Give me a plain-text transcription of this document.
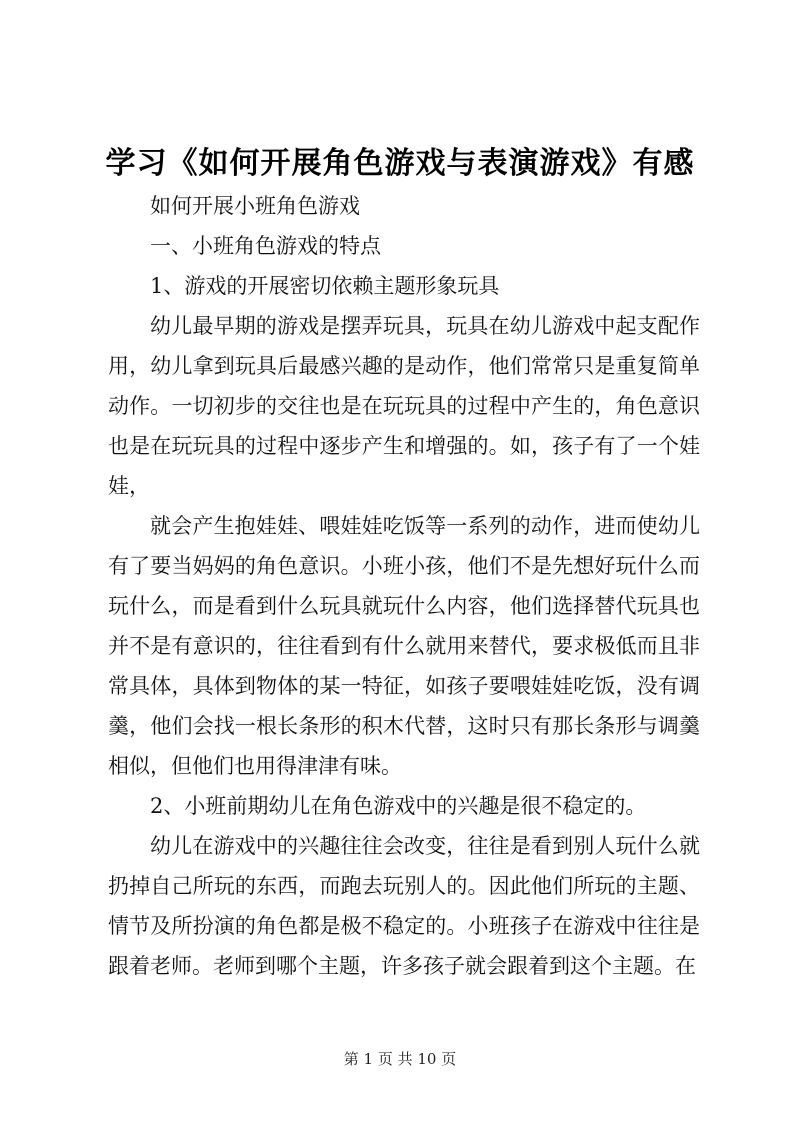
学习《如何开展角色游戏与表演游戏》有感

如何开展小班角色游戏

一、小班角色游戏的特点

1、游戏的开展密切依赖主题形象玩具

幼儿最早期的游戏是摆弄玩具，玩具在幼儿游戏中起支配作用，幼儿拿到玩具后最感兴趣的是动作，他们常常只是重复简单动作。一切初步的交往也是在玩玩具的过程中产生的，角色意识也是在玩玩具的过程中逐步产生和增强的。如，孩子有了一个娃娃，

就会产生抱娃娃、喂娃娃吃饭等一系列的动作，进而使幼儿有了要当妈妈的角色意识。小班小孩，他们不是先想好玩什么而玩什么，而是看到什么玩具就玩什么内容，他们选择替代玩具也并不是有意识的，往往看到有什么就用来替代，要求极低而且非常具体，具体到物体的某一特征，如孩子要喂娃娃吃饭，没有调羹，他们会找一根长条形的积木代替，这时只有那长条形与调羹相似，但他们也用得津津有味。

2、小班前期幼儿在角色游戏中的兴趣是很不稳定的。

幼儿在游戏中的兴趣往往会改变，往往是看到别人玩什么就扔掉自己所玩的东西，而跑去玩别人的。因此他们所玩的主题、情节及所扮演的角色都是极不稳定的。小班孩子在游戏中往往是跟着老师。老师到哪个主题，许多孩子就会跟着到这个主题。在

第 1 页 共 10 页
